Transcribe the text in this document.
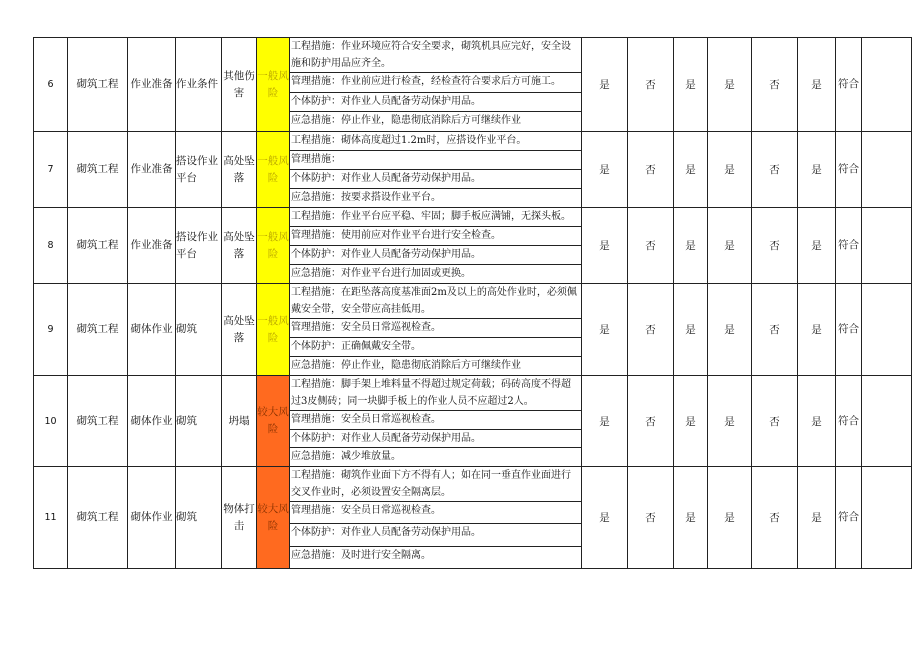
6	砌筑工程	作业准备	作业条件	其他伤害	一般风险	工程措施：作业环境应符合安全要求，砌筑机具应完好，安全设施和防护用品应齐全。
管理措施：作业前应进行检查，经检查符合要求后方可施工。
个体防护：对作业人员配备劳动保护用品。
应急措施：停止作业，隐患彻底消除后方可继续作业	是	否	是	是	否	是	符合	
7	砌筑工程	作业准备	搭设作业平台	高处坠落	一般风险	工程措施：砌体高度超过1.2m时，应搭设作业平台。
管理措施：
个体防护：对作业人员配备劳动保护用品。
应急措施：按要求搭设作业平台。	是	否	是	是	否	是	符合	
8	砌筑工程	作业准备	搭设作业平台	高处坠落	一般风险	工程措施：作业平台应平稳、牢固；脚手板应满铺，无探头板。
管理措施：使用前应对作业平台进行安全检查。
个体防护：对作业人员配备劳动保护用品。
应急措施：对作业平台进行加固或更换。	是	否	是	是	否	是	符合	
9	砌筑工程	砌体作业	砌筑	高处坠落	一般风险	工程措施：在距坠落高度基准面2m及以上的高处作业时，必须佩戴安全带，安全带应高挂低用。
管理措施：安全员日常巡视检查。
个体防护：正确佩戴安全带。
应急措施：停止作业，隐患彻底消除后方可继续作业	是	否	是	是	否	是	符合	
10	砌筑工程	砌体作业	砌筑	坍塌	较大风险	工程措施：脚手架上堆料量不得超过规定荷载；码砖高度不得超过3皮侧砖；同一块脚手板上的作业人员不应超过2人。
管理措施：安全员日常巡视检查。
个体防护：对作业人员配备劳动保护用品。
应急措施：减少堆放量。	是	否	是	是	否	是	符合	
11	砌筑工程	砌体作业	砌筑	物体打击	较大风险	工程措施：砌筑作业面下方不得有人；如在同一垂直作业面进行交叉作业时，必须设置安全隔离层。
管理措施：安全员日常巡视检查。
个体防护：对作业人员配备劳动保护用品。
应急措施：及时进行安全隔离。	是	否	是	是	否	是	符合	
